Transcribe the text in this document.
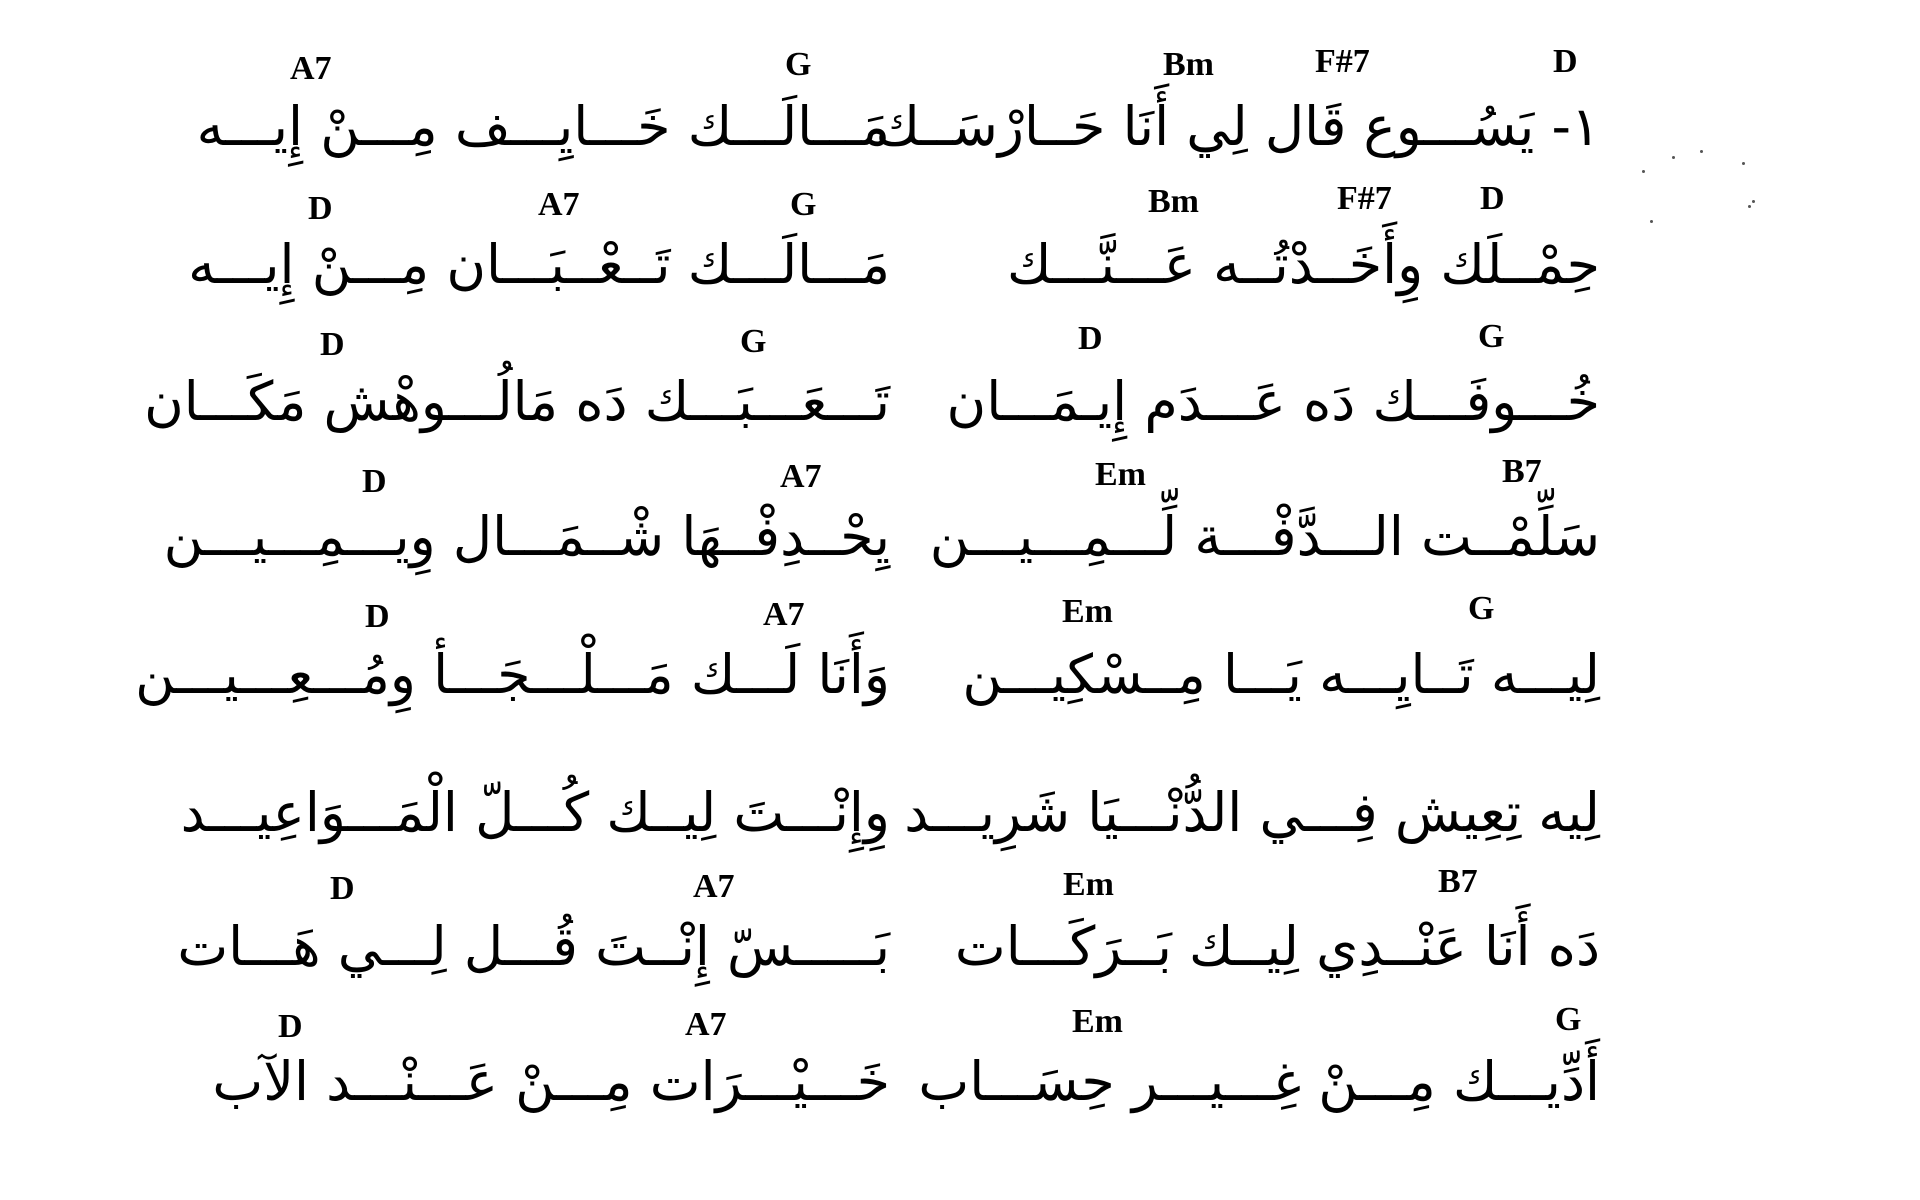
A7	G	Bm	F#7	D
١- يَسُـــوع قَال لِي أَنَا حَــارْسَــك
مَـــالَـــك خَـــايِـــف مِـــنْ إِيـــه
D	A7	G	Bm	F#7	D
حِمْــلَك وِأَخَــدْتُــه عَـــنَّـــك
مَـــالَـــك تَــعْــبَـــان مِـــنْ إِيـــه
D	G	D	G
خُـــوفَـــك دَه عَـــدَم إِيـمَـــان
تَـــعَـــبَـــك دَه مَالُـــوهْش مَكَـــان
D	A7	Em	B7
سَلِّمْــت الـــدَّفْـــة لِّـــمِـــيـــن
يِحْــدِفْــهَا شْــمَـــال وِيـــمِـــيـــن
D	A7	Em	G
لِيـــه تَــايِـــه يَـــا مِــسْكِيـــن
وَأَنَا لَـــك مَـــلْـــجَـــأ وِمُـــعِـــيـــن
لِيه تِعِيش فِـــي الدُّنْـــيَا شَرِيـــد
وِإِنْـــتَ لِيــك كُـــلّ الْمَـــوَاعِيـــد
D	A7	Em	B7
دَه أَنَا عَنْــدِي لِيــك بَــرَكَـــات
بَـــــسّ إِنْــتَ قُـــل لِـــي هَـــات
D	A7	Em	G
أَدِّيـــك مِـــنْ غِـــيـــر حِسَـــاب
خَـــيْـــرَات مِـــنْ عَـــنْـــد الآب
